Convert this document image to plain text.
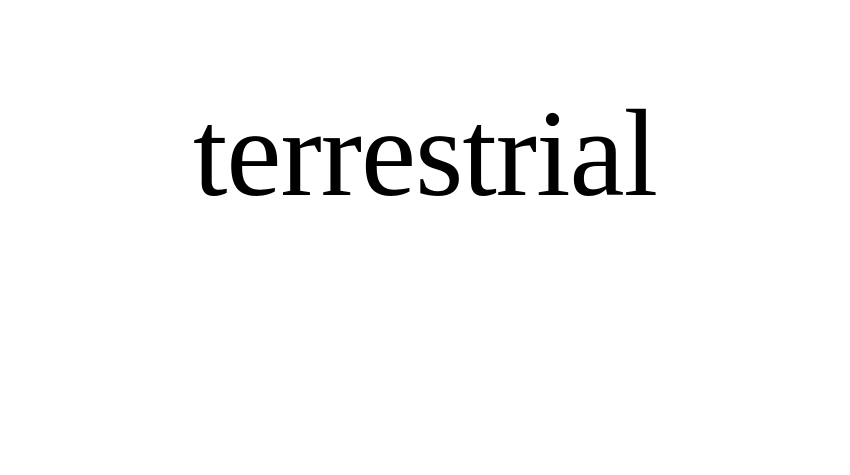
terrestrial
